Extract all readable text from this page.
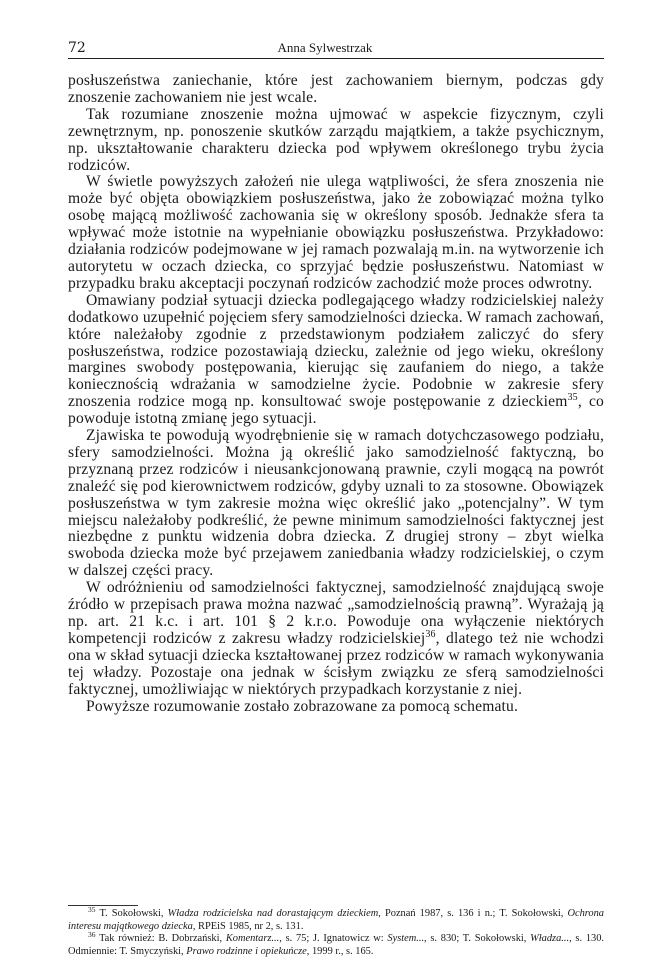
72	Anna Sylwestrzak

posłuszeństwa zaniechanie, które jest zachowaniem biernym, podczas gdy znoszenie zachowaniem nie jest wcale.

Tak rozumiane znoszenie można ujmować w aspekcie fizycznym, czyli zewnętrznym, np. ponoszenie skutków zarządu majątkiem, a także psychicznym, np. ukształtowanie charakteru dziecka pod wpływem określonego trybu życia rodziców.

W świetle powyższych założeń nie ulega wątpliwości, że sfera znoszenia nie może być objęta obowiązkiem posłuszeństwa, jako że zobowiązać można tylko osobę mającą możliwość zachowania się w określony sposób. Jednakże sfera ta wpływać może istotnie na wypełnianie obowiązku posłuszeństwa. Przykładowo: działania rodziców podejmowane w jej ramach pozwalają m.in. na wytworzenie ich autorytetu w oczach dziecka, co sprzyjać będzie posłuszeństwu. Natomiast w przypadku braku akceptacji poczynań rodziców zachodzić może proces odwrotny.

Omawiany podział sytuacji dziecka podlegającego władzy rodzicielskiej należy dodatkowo uzupełnić pojęciem sfery samodzielności dziecka. W ramach zachowań, które należałoby zgodnie z przedstawionym podziałem zaliczyć do sfery posłuszeństwa, rodzice pozostawiają dziecku, zależnie od jego wieku, określony margines swobody postępowania, kierując się zaufaniem do niego, a także koniecznością wdrażania w samodzielne życie. Podobnie w zakresie sfery znoszenia rodzice mogą np. konsultować swoje postępowanie z dzieckiem$^{35}$, co powoduje istotną zmianę jego sytuacji.

Zjawiska te powodują wyodrębnienie się w ramach dotychczasowego podziału, sfery samodzielności. Można ją określić jako samodzielność faktyczną, bo przyznaną przez rodziców i nieusankcjonowaną prawnie, czyli mogącą na powrót znaleźć się pod kierownictwem rodziców, gdyby uznali to za stosowne. Obowiązek posłuszeństwa w tym zakresie można więc określić jako „potencjalny”. W tym miejscu należałoby podkreślić, że pewne minimum samodzielności faktycznej jest niezbędne z punktu widzenia dobra dziecka. Z drugiej strony – zbyt wielka swoboda dziecka może być przejawem zaniedbania władzy rodzicielskiej, o czym w dalszej części pracy.

W odróżnieniu od samodzielności faktycznej, samodzielność znajdującą swoje źródło w przepisach prawa można nazwać „samodzielnością prawną”. Wyrażają ją np. art. 21 k.c. i art. 101 § 2 k.r.o. Powoduje ona wyłączenie niektórych kompetencji rodziców z zakresu władzy rodzicielskiej$^{36}$, dlatego też nie wchodzi ona w skład sytuacji dziecka kształtowanej przez rodziców w ramach wykonywania tej władzy. Pozostaje ona jednak w ścisłym związku ze sferą samodzielności faktycznej, umożliwiając w niektórych przypadkach korzystanie z niej.

Powyższe rozumowanie zostało zobrazowane za pomocą schematu.

$^{35}$ T. Sokołowski, Władza rodzicielska nad dorastającym dzieckiem, Poznań 1987, s. 136 i n.; T. Sokołowski, Ochrona interesu majątkowego dziecka, RPEiS 1985, nr 2, s. 131.

$^{36}$ Tak również: B. Dobrzański, Komentarz..., s. 75; J. Ignatowicz w: System..., s. 830; T. Sokołowski, Władza..., s. 130. Odmiennie: T. Smyczyński, Prawo rodzinne i opiekuńcze, 1999 r., s. 165.
